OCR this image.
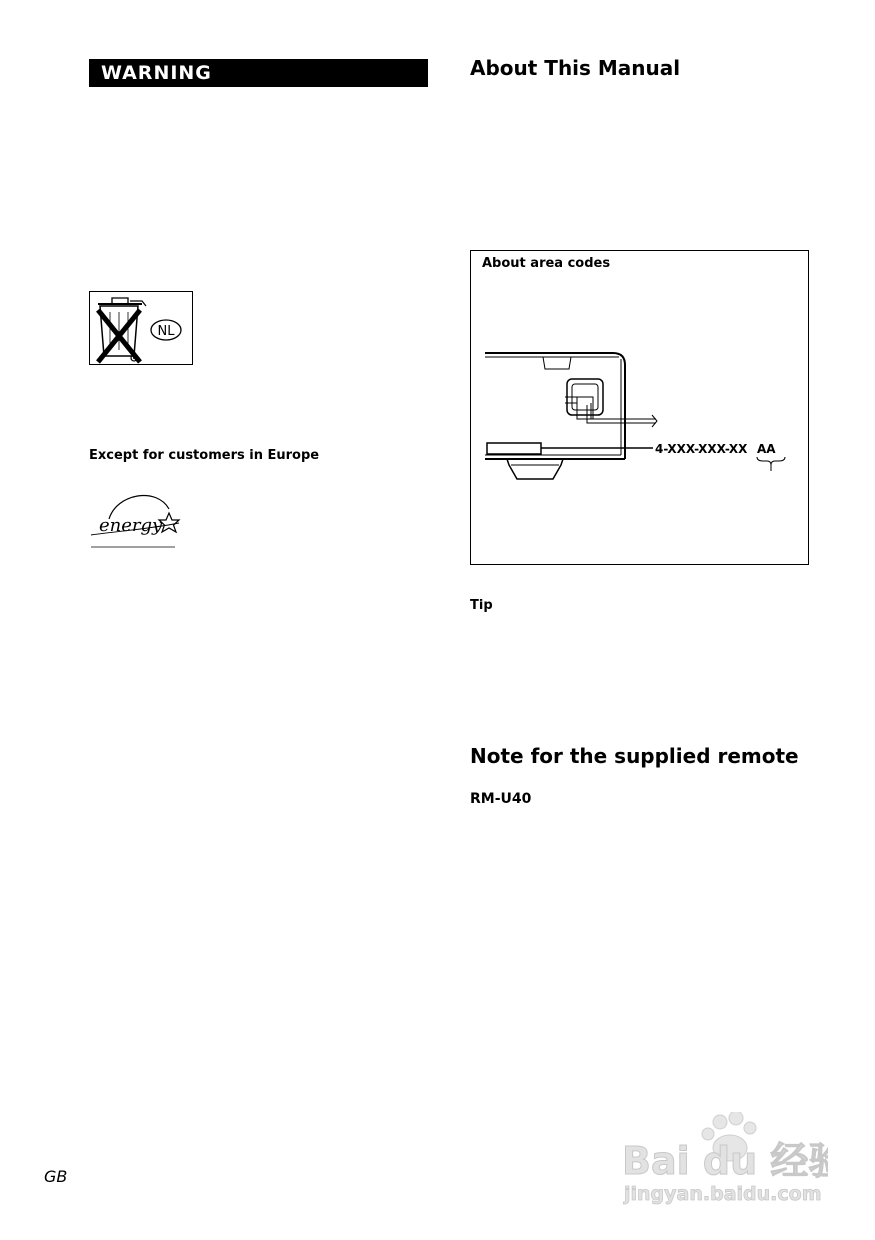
WARNING
NL
Except for customers in Europe
energy
About This Manual
About area codes
4-XXX-XXX-XX AA
Tip
Note for the supplied remote
RM-U40
GB	Bai du 经验
jingyan.baidu.com
